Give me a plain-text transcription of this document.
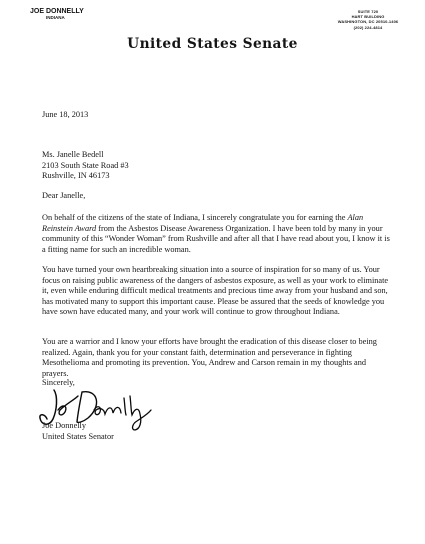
JOE DONNELLY
INDIANA
SUITE 720
HART BUILDING
WASHINGTON, DC 20510-1406
(202) 224-4814
United States Senate
June 18, 2013
Ms. Janelle Bedell
2103 South State Road #3
Rushville, IN 46173
Dear Janelle,

On behalf of the citizens of the state of Indiana, I sincerely congratulate you for earning the Alan Reinstein Award from the Asbestos Disease Awareness Organization. I have been told by many in your community of this “Wonder Woman” from Rushville and after all that I have read about you, I know it is a fitting name for such an incredible woman.

You have turned your own heartbreaking situation into a source of inspiration for so many of us. Your focus on raising public awareness of the dangers of asbestos exposure, as well as your work to eliminate it, even while enduring difficult medical treatments and precious time away from your husband and son, has motivated many to support this important cause. Please be assured that the seeds of knowledge you have sown have educated many, and your work will continue to grow throughout Indiana.

You are a warrior and I know your efforts have brought the eradication of this disease closer to being realized. Again, thank you for your constant faith, determination and perseverance in fighting Mesothelioma and promoting its prevention. You, Andrew and Carson remain in my thoughts and prayers.

Sincerely,
Joe Donnelly
United States Senator
